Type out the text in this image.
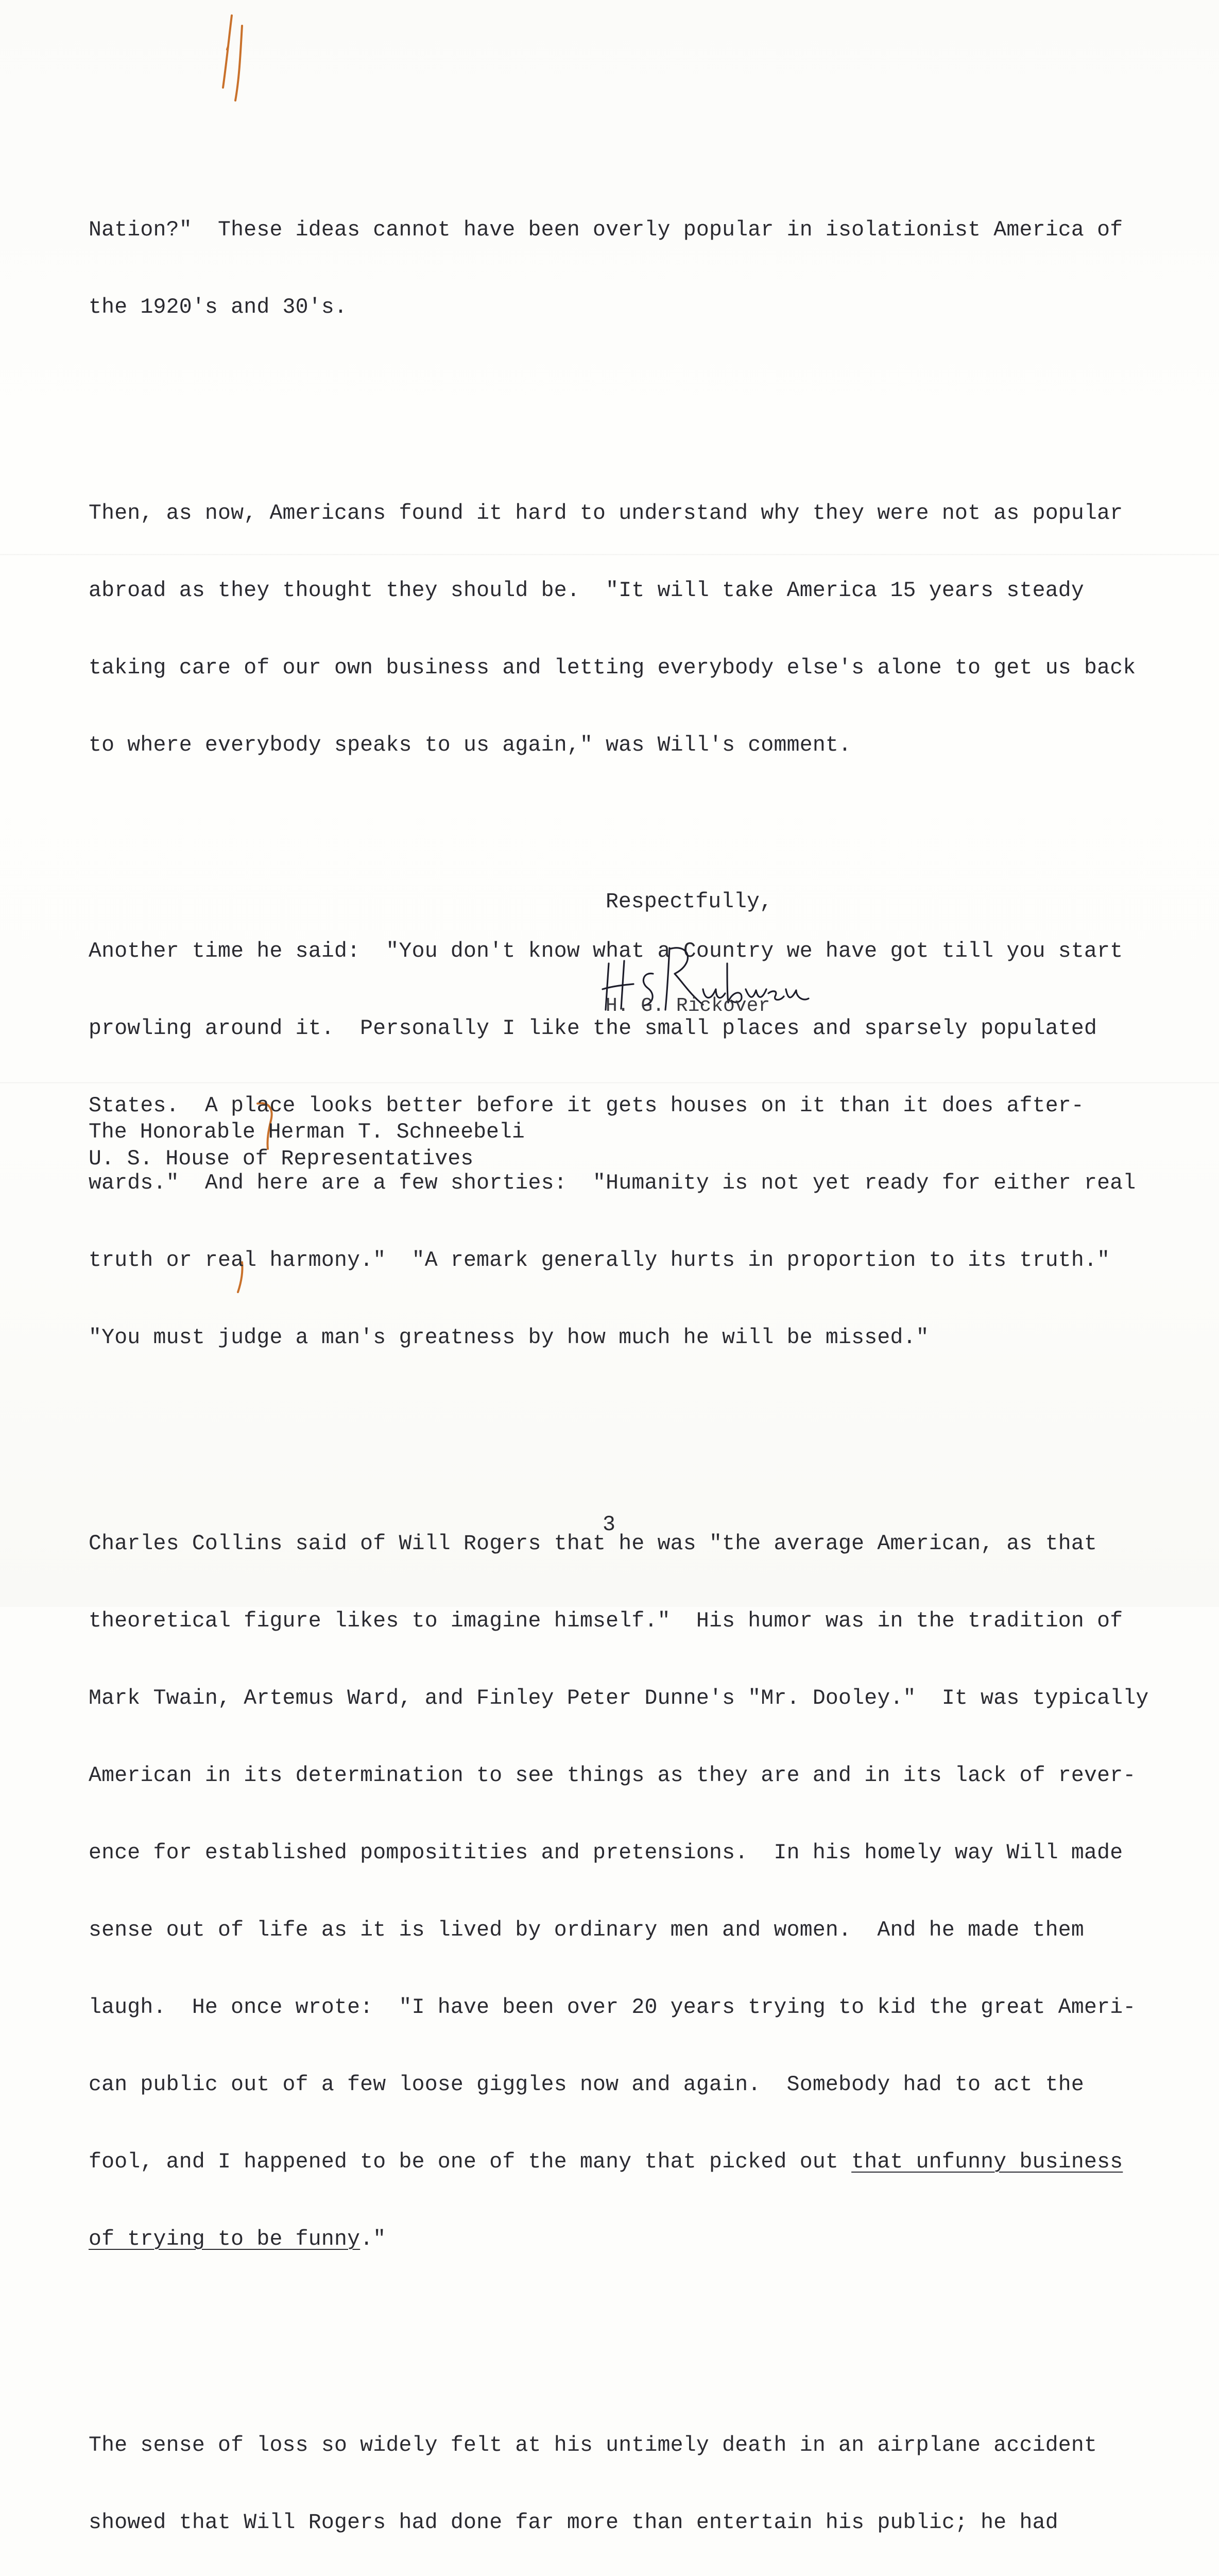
Nation?"  These ideas cannot have been overly popular in isolationist America of

the 1920's and 30's.

Then, as now, Americans found it hard to understand why they were not as popular

abroad as they thought they should be.  "It will take America 15 years steady

taking care of our own business and letting everybody else's alone to get us back

to where everybody speaks to us again," was Will's comment.

Another time he said:  "You don't know what a Country we have got till you start

prowling around it.  Personally I like the small places and sparsely populated

States.  A place looks better before it gets houses on it than it does after-

wards."  And here are a few shorties:  "Humanity is not yet ready for either real

truth or real harmony."  "A remark generally hurts in proportion to its truth."

"You must judge a man's greatness by how much he will be missed."

Charles Collins said of Will Rogers that he was "the average American, as that

theoretical figure likes to imagine himself."  His humor was in the tradition of

Mark Twain, Artemus Ward, and Finley Peter Dunne's "Mr. Dooley."  It was typically

American in its determination to see things as they are and in its lack of rever-

ence for established pompositities and pretensions.  In his homely way Will made

sense out of life as it is lived by ordinary men and women.  And he made them

laugh.  He once wrote:  "I have been over 20 years trying to kid the great Ameri-

can public out of a few loose giggles now and again.  Somebody had to act the

fool, and I happened to be one of the many that picked out that unfunny business

of trying to be funny."

The sense of loss so widely felt at his untimely death in an airplane accident

showed that Will Rogers had done far more than entertain his public; he had

Respectfully,
H. G. Rickover
The Honorable Herman T. Schneebeli
U. S. House of Representatives
3
